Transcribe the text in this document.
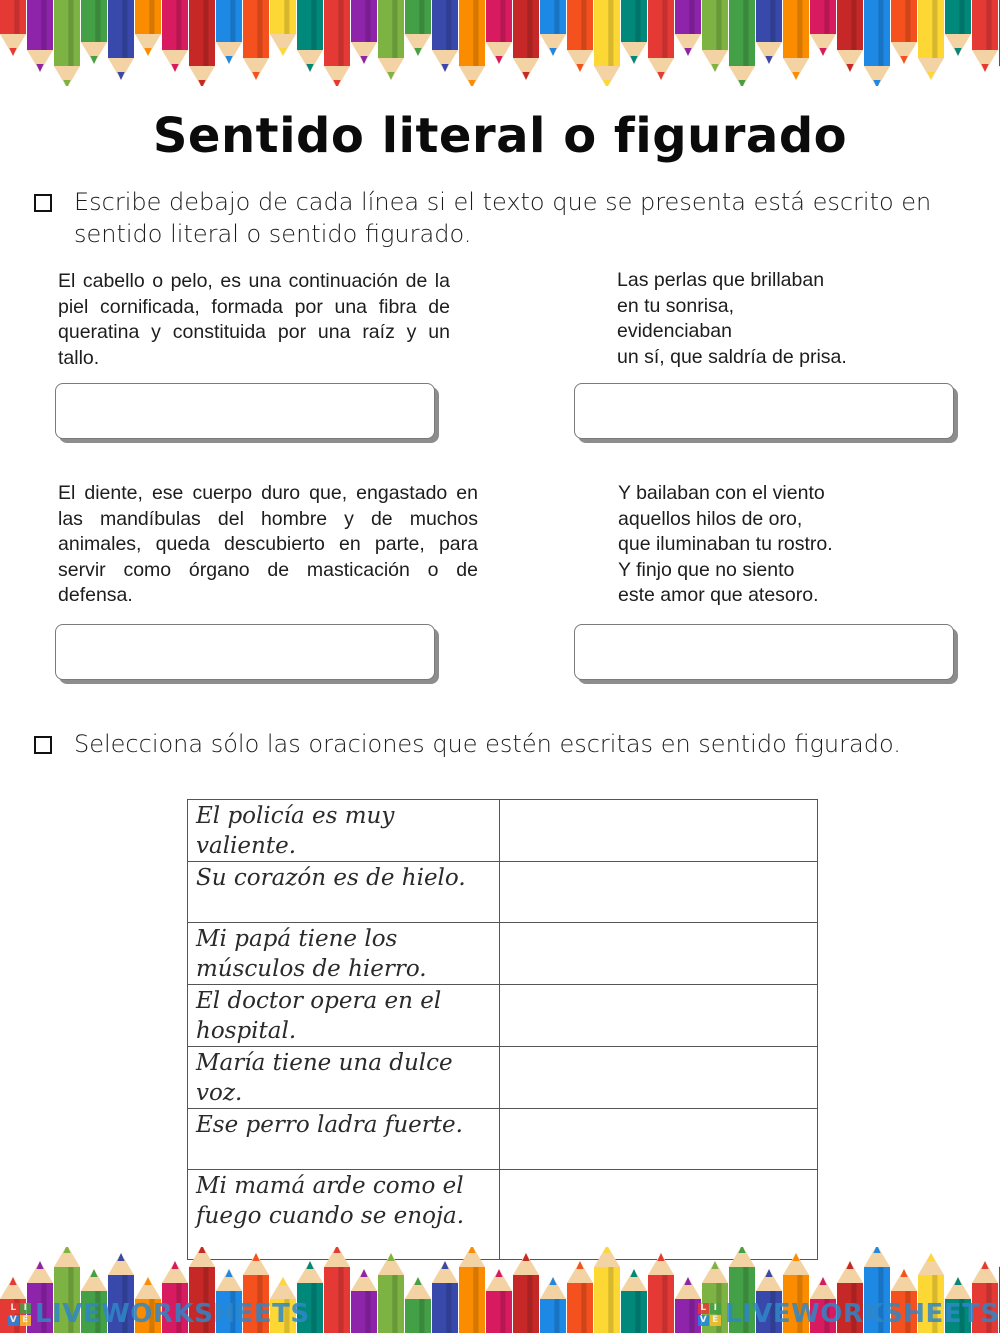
Sentido literal o figurado
Escribe debajo de cada línea si el texto que se presenta está escrito en sentido literal o sentido figurado.
El cabello o pelo, es una continuación de la piel cornificada, formada por una fibra de queratina y constituida por una raíz y un tallo.
Las perlas que brillaban
en tu sonrisa,
evidenciaban
un sí, que saldría de prisa.
El diente, ese cuerpo duro que, engastado en las mandíbulas del hombre y de muchos animales, queda descubierto en parte, para servir como órgano de masticación o de defensa.
Y bailaban con el viento
aquellos hilos de oro,
que iluminaban tu rostro.
Y finjo que no siento
este amor que atesoro.
Selecciona sólo las oraciones que estén escritas en sentido figurado.
El policía es muy valiente.	
Su corazón es de hielo.	
Mi papá tiene los músculos de hierro.	
El doctor opera en el hospital.	
María tiene una dulce voz.	
Ese perro ladra fuerte.	
Mi mamá arde como el fuego cuando se enoja.	
L I
V E LIVEWORKSHEETS	L I
V E LIVEWORKSHEETS
